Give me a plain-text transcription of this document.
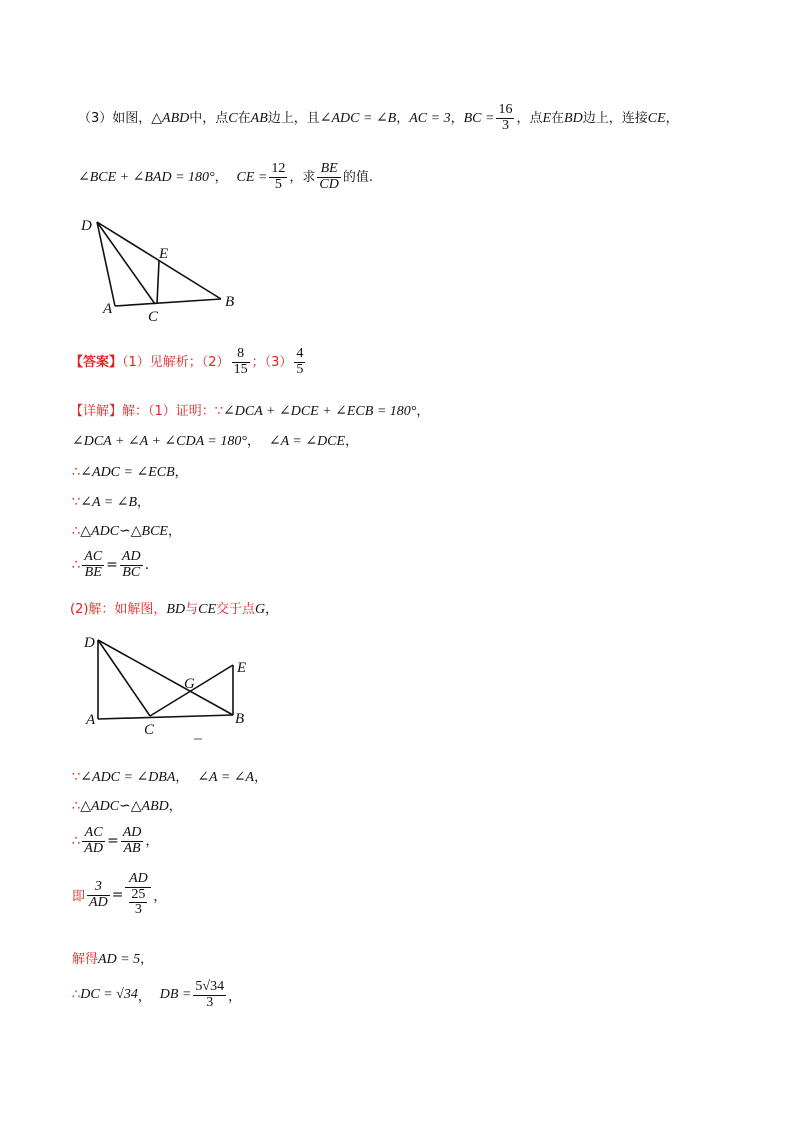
（3）如图，△ABD中，点C在AB边上，且∠ADC = ∠B，AC = 3，BC = $\frac{16}{3}$ ，点E在BD边上，连接CE，
∠BCE + ∠BAD = 180°， CE = $\frac{12}{5}$ ，求 $\frac{BE}{CD}$ 的值.
D
E
A C
B
【答案】（1）见解析；$(2) \frac{8}{15}$ ；$(3) \frac{4}{5}$
【详解】解：（1）证明：∵∠DCA + ∠DCE + ∠ECB = 180°，
∠DCA + ∠A + ∠CDA = 180°， ∠A = ∠DCE，
∴∠ADC = ∠ECB，
∵∠A = ∠B，
∴△ADC∽△BCE，
∴ $\frac{AC}{BE} = \frac{AD}{BC}$ .
(2)解：如解图，BD与CE交于点G，
D
E
G
A
C
B
∵∠ADC = ∠DBA， ∠A = ∠A，
∴△ADC∽△ABD，
∴ $\frac{AC}{AD} = \frac{AD}{AB}$ ，
即 $\frac{3}{AD} = \frac{AD}{\frac{25}{3}}$ ，
解得AD = 5，
∴DC = √34， DB = $\frac{5√34}{3}$ ，
